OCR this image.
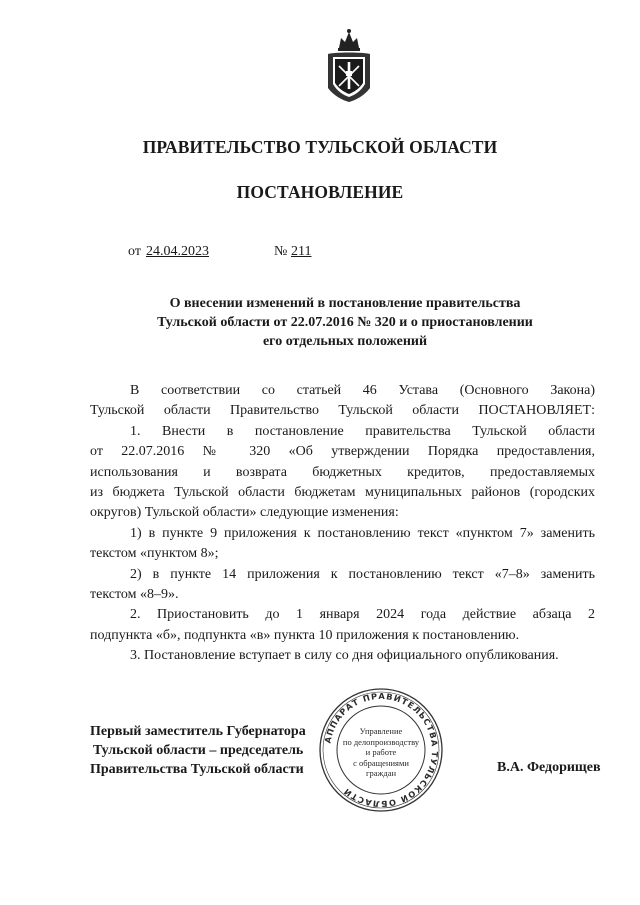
ПРАВИТЕЛЬСТВО ТУЛЬСКОЙ ОБЛАСТИ
ПОСТАНОВЛЕНИЕ
от 24.04.2023	№ 211
О внесении изменений в постановление правительства
Тульской области от 22.07.2016 № 320 и о приостановлении
его отдельных положений
В соответствии со статьей 46 Устава (Основного Закона)
Тульской области Правительство Тульской области ПОСТАНОВЛЯЕТ:
1. Внести в постановление правительства Тульской области
от 22.07.2016 № 320 «Об утверждении Порядка предоставления,
использования и возврата бюджетных кредитов, предоставляемых
из бюджета Тульской области бюджетам муниципальных районов (городских
округов) Тульской области» следующие изменения:
1) в пункте 9 приложения к постановлению текст «пунктом 7» заменить
текстом «пунктом 8»;
2) в пункте 14 приложения к постановлению текст «7–8» заменить
текстом «8–9».
2. Приостановить до 1 января 2024 года действие абзаца 2
подпункта «б», подпункта «в» пункта 10 приложения к постановлению.
3. Постановление вступает в силу со дня официального опубликования.
Первый заместитель Губернатора
Тульской области – председатель
Правительства Тульской области	В.А. Федорищев
АППАРАТ ПРАВИТЕЛЬСТВА ТУЛЬСКОЙ ОБЛАСТИ
Управление
по делопроизводству
и работе
с обращениями
граждан
